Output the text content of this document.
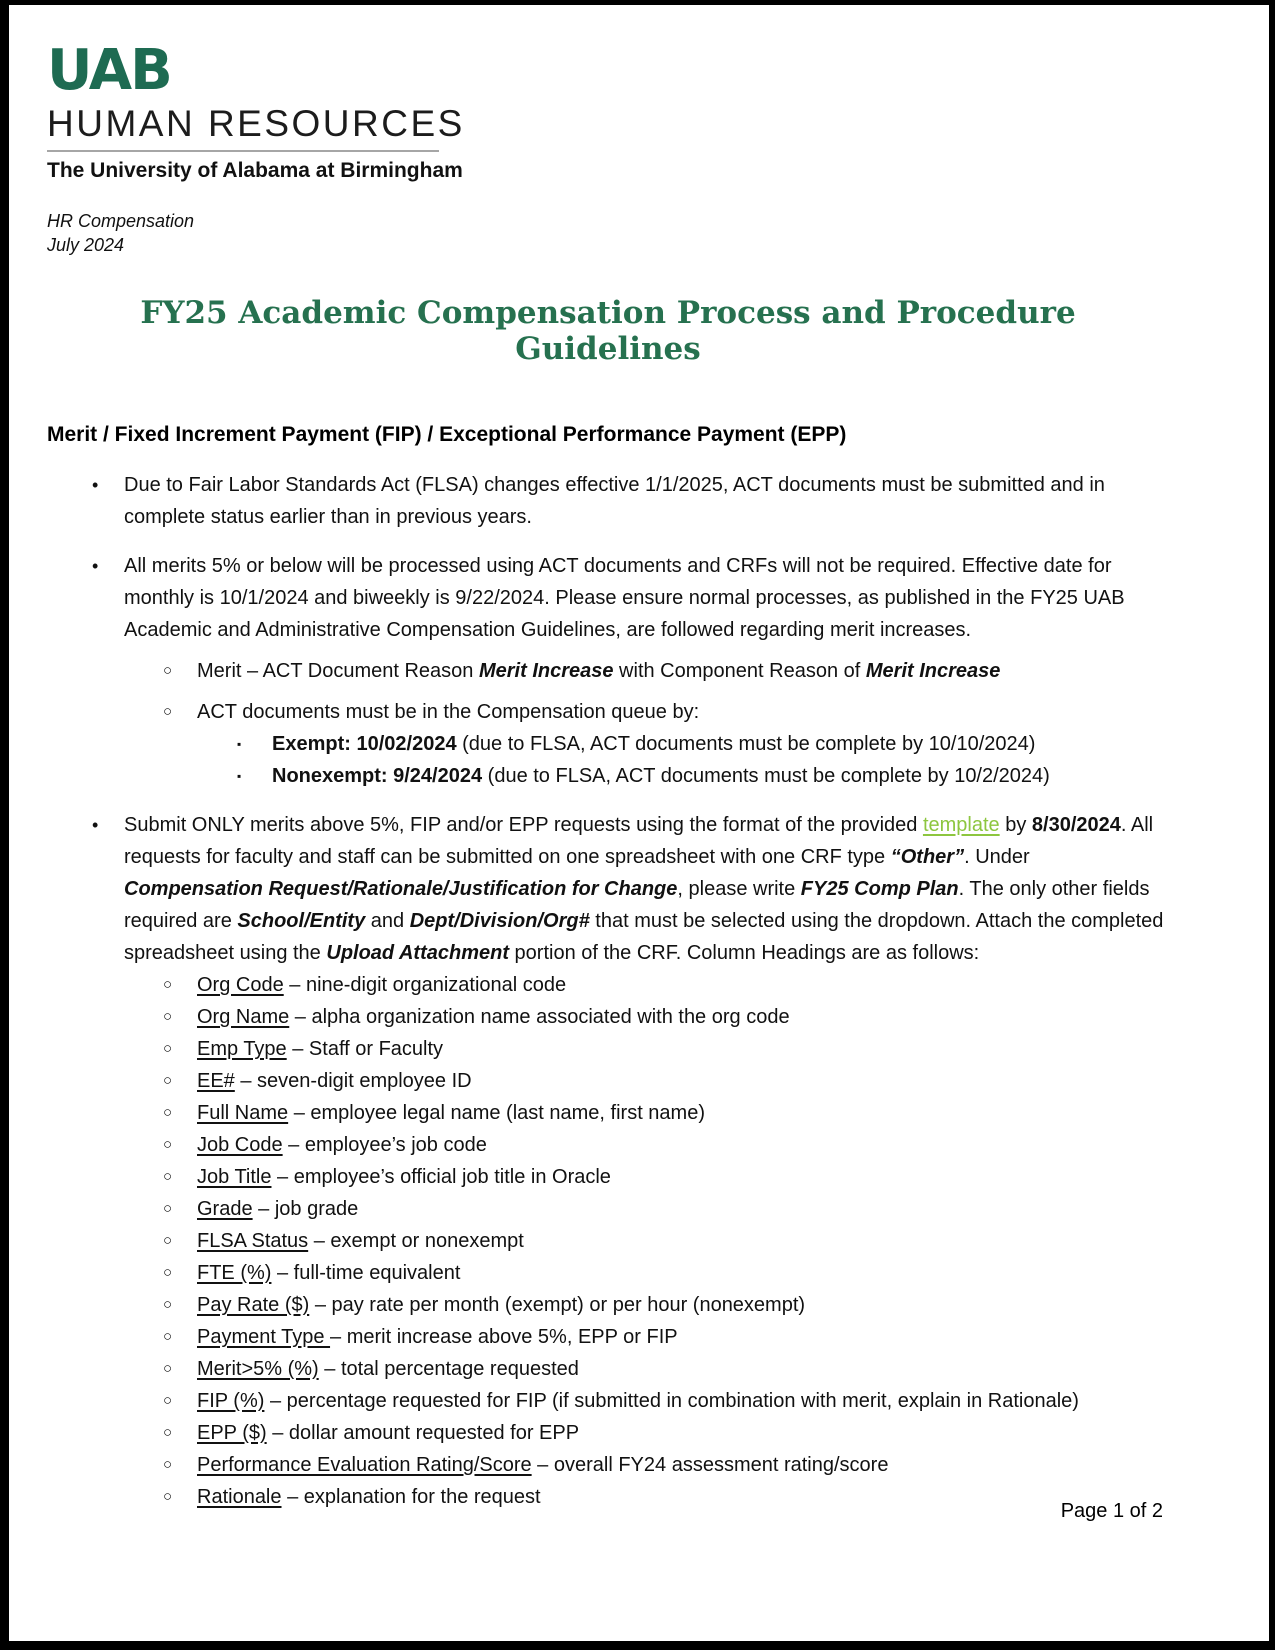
UAB
HUMAN RESOURCES
The University of Alabama at Birmingham
HR Compensation
July 2024
FY25 Academic Compensation Process and Procedure Guidelines
Merit / Fixed Increment Payment (FIP) / Exceptional Performance Payment (EPP)
•	Due to Fair Labor Standards Act (FLSA) changes effective 1/1/2025, ACT documents must be submitted and in complete status earlier than in previous years.
•	All merits 5% or below will be processed using ACT documents and CRFs will not be required. Effective date for monthly is 10/1/2024 and biweekly is 9/22/2024. Please ensure normal processes, as published in the FY25 UAB Academic and Administrative Compensation Guidelines, are followed regarding merit increases.
○	Merit – ACT Document Reason Merit Increase with Component Reason of Merit Increase
○	ACT documents must be in the Compensation queue by:
▪	Exempt: 10/02/2024 (due to FLSA, ACT documents must be complete by 10/10/2024)
▪	Nonexempt: 9/24/2024 (due to FLSA, ACT documents must be complete by 10/2/2024)
•	Submit ONLY merits above 5%, FIP and/or EPP requests using the format of the provided template by 8/30/2024. All requests for faculty and staff can be submitted on one spreadsheet with one CRF type “Other”. Under Compensation Request/Rationale/Justification for Change, please write FY25 Comp Plan. The only other fields required are School/Entity and Dept/Division/Org# that must be selected using the dropdown. Attach the completed spreadsheet using the Upload Attachment portion of the CRF. Column Headings are as follows:
○	Org Code – nine-digit organizational code
○	Org Name – alpha organization name associated with the org code
○	Emp Type – Staff or Faculty
○	EE# – seven-digit employee ID
○	Full Name – employee legal name (last name, first name)
○	Job Code – employee’s job code
○	Job Title – employee’s official job title in Oracle
○	Grade – job grade
○	FLSA Status – exempt or nonexempt
○	FTE (%) – full-time equivalent
○	Pay Rate ($) – pay rate per month (exempt) or per hour (nonexempt)
○	Payment Type – merit increase above 5%, EPP or FIP
○	Merit>5% (%) – total percentage requested
○	FIP (%) – percentage requested for FIP (if submitted in combination with merit, explain in Rationale)
○	EPP ($) – dollar amount requested for EPP
○	Performance Evaluation Rating/Score – overall FY24 assessment rating/score
○	Rationale – explanation for the request
Page 1 of 2
